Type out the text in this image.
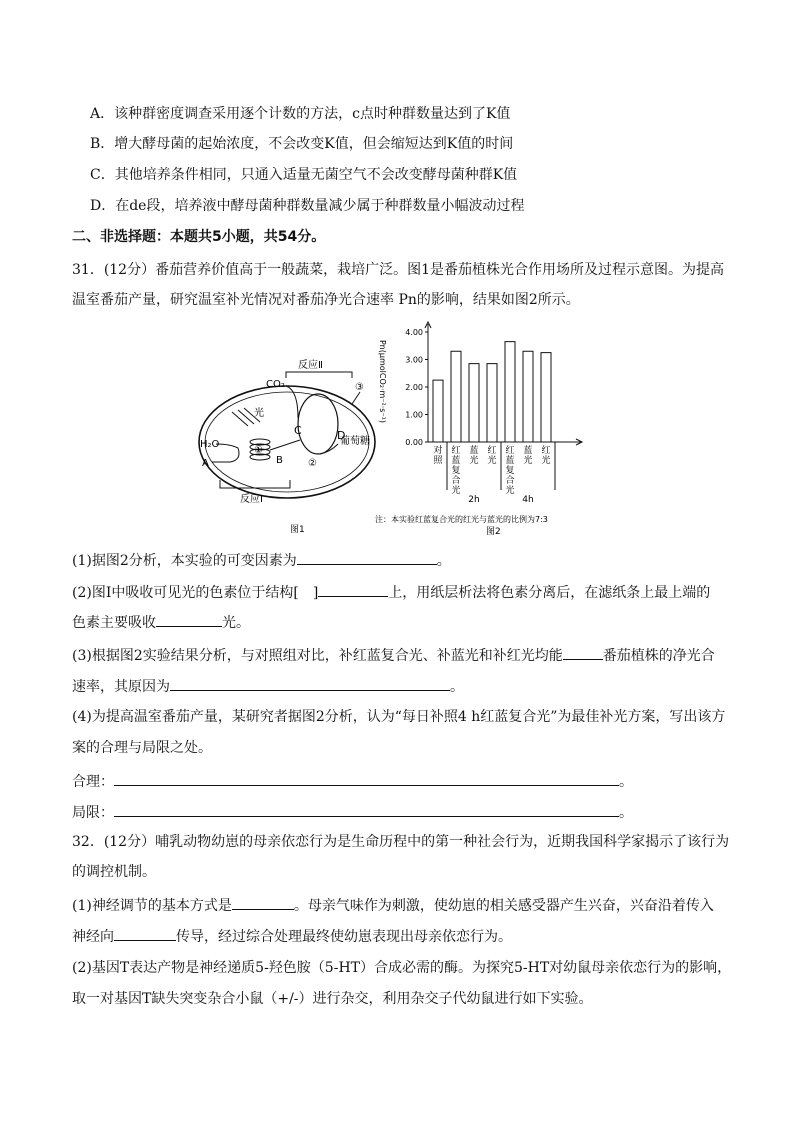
A．该种群密度调查采用逐个计数的方法，c点时种群数量达到了K值
B．增大酵母菌的起始浓度，不会改变K值，但会缩短达到K值的时间
C．其他培养条件相同，只通入适量无菌空气不会改变酵母菌种群K值
D．在de段，培养液中酵母菌种群数量减少属于种群数量小幅波动过程
二、非选择题：本题共5小题，共54分。
31．(12分）番茄营养价值高于一般蔬菜，栽培广泛。图1是番茄植株光合作用场所及过程示意图。为提高
温室番茄产量，研究温室补光情况对番茄净光合速率 Pn的影响，结果如图2所示。
①
光
C	D
CO₂
葡萄糖
H₂O
A	B	②
③
反应Ⅱ
反应Ⅰ
图1
0.00
1.00
2.00
3.00
4.00
对
照
红
蓝
复
合
光
蓝
光
红
光
红
蓝
复
合
光
蓝
光
红
光
2h	4h
Pn(μmolCO₂·m⁻²·s⁻¹)
注：本实验红蓝复合光的红光与蓝光的比例为7:3
图2
(1)据图2分析，本实验的可变因素为	。
(2)图Ⅰ中吸收可见光的色素位于结构[　]	上，用纸层析法将色素分离后，在滤纸条上最上端的
色素主要吸收	光。
(3)根据图2实验结果分析，与对照组对比，补红蓝复合光、补蓝光和补红光均能	番茄植株的净光合
速率，其原因为	。
(4)为提高温室番茄产量，某研究者据图2分析，认为“每日补照4 h红蓝复合光”为最佳补光方案，写出该方
案的合理与局限之处。
合理：	。
局限：	。
32．(12分）哺乳动物幼崽的母亲依恋行为是生命历程中的第一种社会行为，近期我国科学家揭示了该行为
的调控机制。
(1)神经调节的基本方式是	。母亲气味作为刺激，使幼崽的相关感受器产生兴奋，兴奋沿着传入
神经向	传导，经过综合处理最终使幼崽表现出母亲依恋行为。
(2)基因T表达产物是神经递质5-羟色胺（5-HT）合成必需的酶。为探究5-HT对幼鼠母亲依恋行为的影响，
取一对基因T缺失突变杂合小鼠（+/-）进行杂交，利用杂交子代幼鼠进行如下实验。
